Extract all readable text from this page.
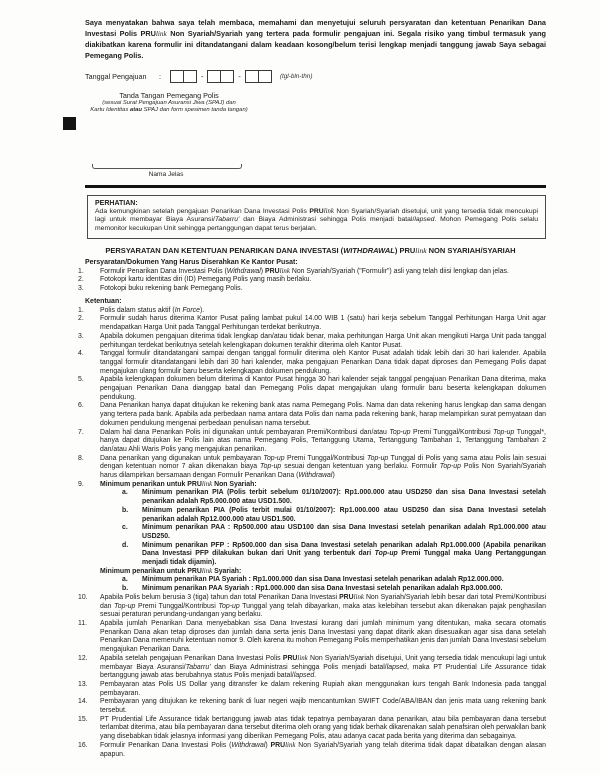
Saya menyatakan bahwa saya telah membaca, memahami dan menyetujui seluruh persyaratan dan ketentuan Penarikan Dana Investasi Polis PRUlink Non Syariah/Syariah yang tertera pada formulir pengajuan ini. Segala risiko yang timbul termasuk yang diakibatkan karena formulir ini ditandatangani dalam keadaan kosong/belum terisi lengkap menjadi tanggung jawab Saya sebagai Pemegang Polis.

Tanggal Pengajuan	:	-	-	(tgl-bln-thn)
Tanda Tangan Pemegang Polis
(sesuai Surat Pengajuan Asuransi Jiwa (SPAJ) dan
Kartu Identitas atau SPAJ dan form spesimen tanda tangan)
Nama Jelas
PERHATIAN:
Ada kemungkinan setelah pengajuan Penarikan Dana Investasi Polis PRUlink Non Syariah/Syariah disetujui, unit yang tersedia tidak mencukupi lagi untuk membayar Biaya Asuransi/Tabarru' dan Biaya Administrasi sehingga Polis menjadi batal/lapsed. Mohon Pemegang Polis selalu memonitor kecukupan Unit sehingga pertanggungan dapat terus berjalan.
PERSYARATAN DAN KETENTUAN PENARIKAN DANA INVESTASI (WITHDRAWAL) PRUlink NON SYARIAH/SYARIAH
Persyaratan/Dokumen Yang Harus Diserahkan Ke Kantor Pusat:
1.	Formulir Penarikan Dana Investasi Polis (Withdrawal) PRUlink Non Syariah/Syariah ("Formulir") asli yang telah diisi lengkap dan jelas.
2.	Fotokopi kartu identitas diri (ID) Pemegang Polis yang masih berlaku.
3.	Fotokopi buku rekening bank Pemegang Polis.
Ketentuan:
1.	Polis dalam status aktif (In Force).
2.	Formulir sudah harus diterima Kantor Pusat paling lambat pukul 14.00 WIB 1 (satu) hari kerja sebelum Tanggal Perhitungan Harga Unit agar mendapatkan Harga Unit pada Tanggal Perhitungan terdekat berikutnya.
3.	Apabila dokumen pengajuan diterima tidak lengkap dan/atau tidak benar, maka perhitungan Harga Unit akan mengikuti Harga Unit pada tanggal perhitungan terdekat berikutnya setelah kelengkapan dokumen terakhir diterima oleh Kantor Pusat.
4.	Tanggal formulir ditandatangani sampai dengan tanggal formulir diterima oleh Kantor Pusat adalah tidak lebih dari 30 hari kalender. Apabila tanggal formulir ditandatangani lebih dari 30 hari kalender, maka pengajuan Penarikan Dana tidak dapat diproses dan Pemegang Polis dapat mengajukan ulang formulir baru beserta kelengkapan dokumen pendukung.
5.	Apabila kelengkapan dokumen belum diterima di Kantor Pusat hingga 30 hari kalender sejak tanggal pengajuan Penarikan Dana diterima, maka pengajuan Penarikan Dana dianggap batal dan Pemegang Polis dapat mengajukan ulang formulir baru beserta kelengkapan dokumen pendukung.
6.	Dana Penarikan hanya dapat ditujukan ke rekening bank atas nama Pemegang Polis. Nama dan data rekening harus lengkap dan sama dengan yang tertera pada bank. Apabila ada perbedaan nama antara data Polis dan nama pada rekening bank, harap melampirkan surat pernyataan dan dokumen pendukung mengenai perbedaan penulisan nama tersebut.
7.	Dalam hal dana Penarikan Polis ini digunakan untuk pembayaran Premi/Kontribusi dan/atau Top-up Premi Tunggal/Kontribusi Top-up Tunggal*, hanya dapat ditujukan ke Polis lain atas nama Pemegang Polis, Tertanggung Utama, Tertanggung Tambahan 1, Tertanggung Tambahan 2 dan/atau Ahli Waris Polis yang mengajukan penarikan.
8.	Dana penarikan yang digunakan untuk pembayaran Top-up Premi Tunggal/Kontribusi Top-up Tunggal di Polis yang sama atau Polis lain sesuai dengan ketentuan nomor 7 akan dikenakan biaya Top-up sesuai dengan ketentuan yang berlaku. Formulir Top-up Polis Non Syariah/Syariah harus dilampirkan bersamaan dengan Formulir Penarikan Dana (Withdrawal)
9.	Minimum penarikan untuk PRUlink Non Syariah:
a.	Minimum penarikan PIA (Polis terbit sebelum 01/10/2007): Rp1.000.000 atau USD250 dan sisa Dana Investasi setelah penarikan adalah Rp5.000.000 atau USD1.500.
b.	Minimum penarikan PIA (Polis terbit mulai 01/10/2007): Rp1.000.000 atau USD250 dan sisa Dana Investasi setelah penarikan adalah Rp12.000.000 atau USD1.500.
c.	Minimum penarikan PAA : Rp500.000 atau USD100 dan sisa Dana Investasi setelah penarikan adalah Rp1.000.000 atau USD250.
d.	Minimum penarikan PFP : Rp500.000 dan sisa Dana Investasi setelah penarikan adalah Rp1.000.000 (Apabila penarikan Dana Investasi PFP dilakukan bukan dari Unit yang terbentuk dari Top-up Premi Tunggal maka Uang Pertanggungan menjadi tidak dijamin).
Minimum penarikan untuk PRUlink Syariah:
a.	Minimum penarikan PIA Syariah : Rp1.000.000 dan sisa Dana Investasi setelah penarikan adalah Rp12.000.000.
b.	Minimum penarikan PAA Syariah : Rp1.000.000 dan sisa Dana Investasi setelah penarikan adalah Rp3.000.000.
10.	Apabila Polis belum berusia 3 (tiga) tahun dan total Penarikan Dana Investasi PRUlink Non Syariah/Syariah lebih besar dari total Premi/Kontribusi dan Top-up Premi Tunggal/Kontribusi Top-up Tunggal yang telah dibayarkan, maka atas kelebihan tersebut akan dikenakan pajak penghasilan sesuai peraturan perundang-undangan yang berlaku.
11.	Apabila jumlah Penarikan Dana menyebabkan sisa Dana Investasi kurang dari jumlah minimum yang ditentukan, maka secara otomatis Penarikan Dana akan tetap diproses dan jumlah dana serta jenis Dana Investasi yang dapat ditarik akan disesuaikan agar sisa dana setelah Penarikan Dana memenuhi ketentuan nomor 9. Oleh karena itu mohon Pemegang Polis memperhatikan jenis dan jumlah Dana Investasi sebelum mengajukan Penarikan Dana.
12.	Apabila setelah pengajuan Penarikan Dana Investasi Polis PRUlink Non Syariah/Syariah disetujui, Unit yang tersedia tidak mencukupi lagi untuk membayar Biaya Asuransi/Tabarru' dan Biaya Administrasi sehingga Polis menjadi batal/lapsed, maka PT Prudential Life Assurance tidak bertanggung jawab atas berubahnya status Polis menjadi batal/lapsed.
13.	Pembayaran atas Polis US Dollar yang ditransfer ke dalam rekening Rupiah akan menggunakan kurs tengah Bank Indonesia pada tanggal pembayaran.
14.	Pembayaran yang ditujukan ke rekening bank di luar negeri wajib mencantumkan SWIFT Code/ABA/IBAN dan jenis mata uang rekening bank tersebut.
15.	PT Prudential Life Assurance tidak bertanggung jawab atas tidak tepatnya pembayaran dana penarikan, atau bila pembayaran dana tersebut terlambat diterima, atau bila pembayaran dana tersebut diterima oleh orang yang tidak berhak dikarenakan salah penafsiran oleh perwakilan bank yang disebabkan tidak jelasnya informasi yang diberikan Pemegang Polis, atau adanya cacat pada berita yang diterima dan sebagainya.
16.	Formulir Penarikan Dana Investasi Polis (Withdrawal) PRUlink Non Syariah/Syariah yang telah diterima tidak dapat dibatalkan dengan alasan apapun.
